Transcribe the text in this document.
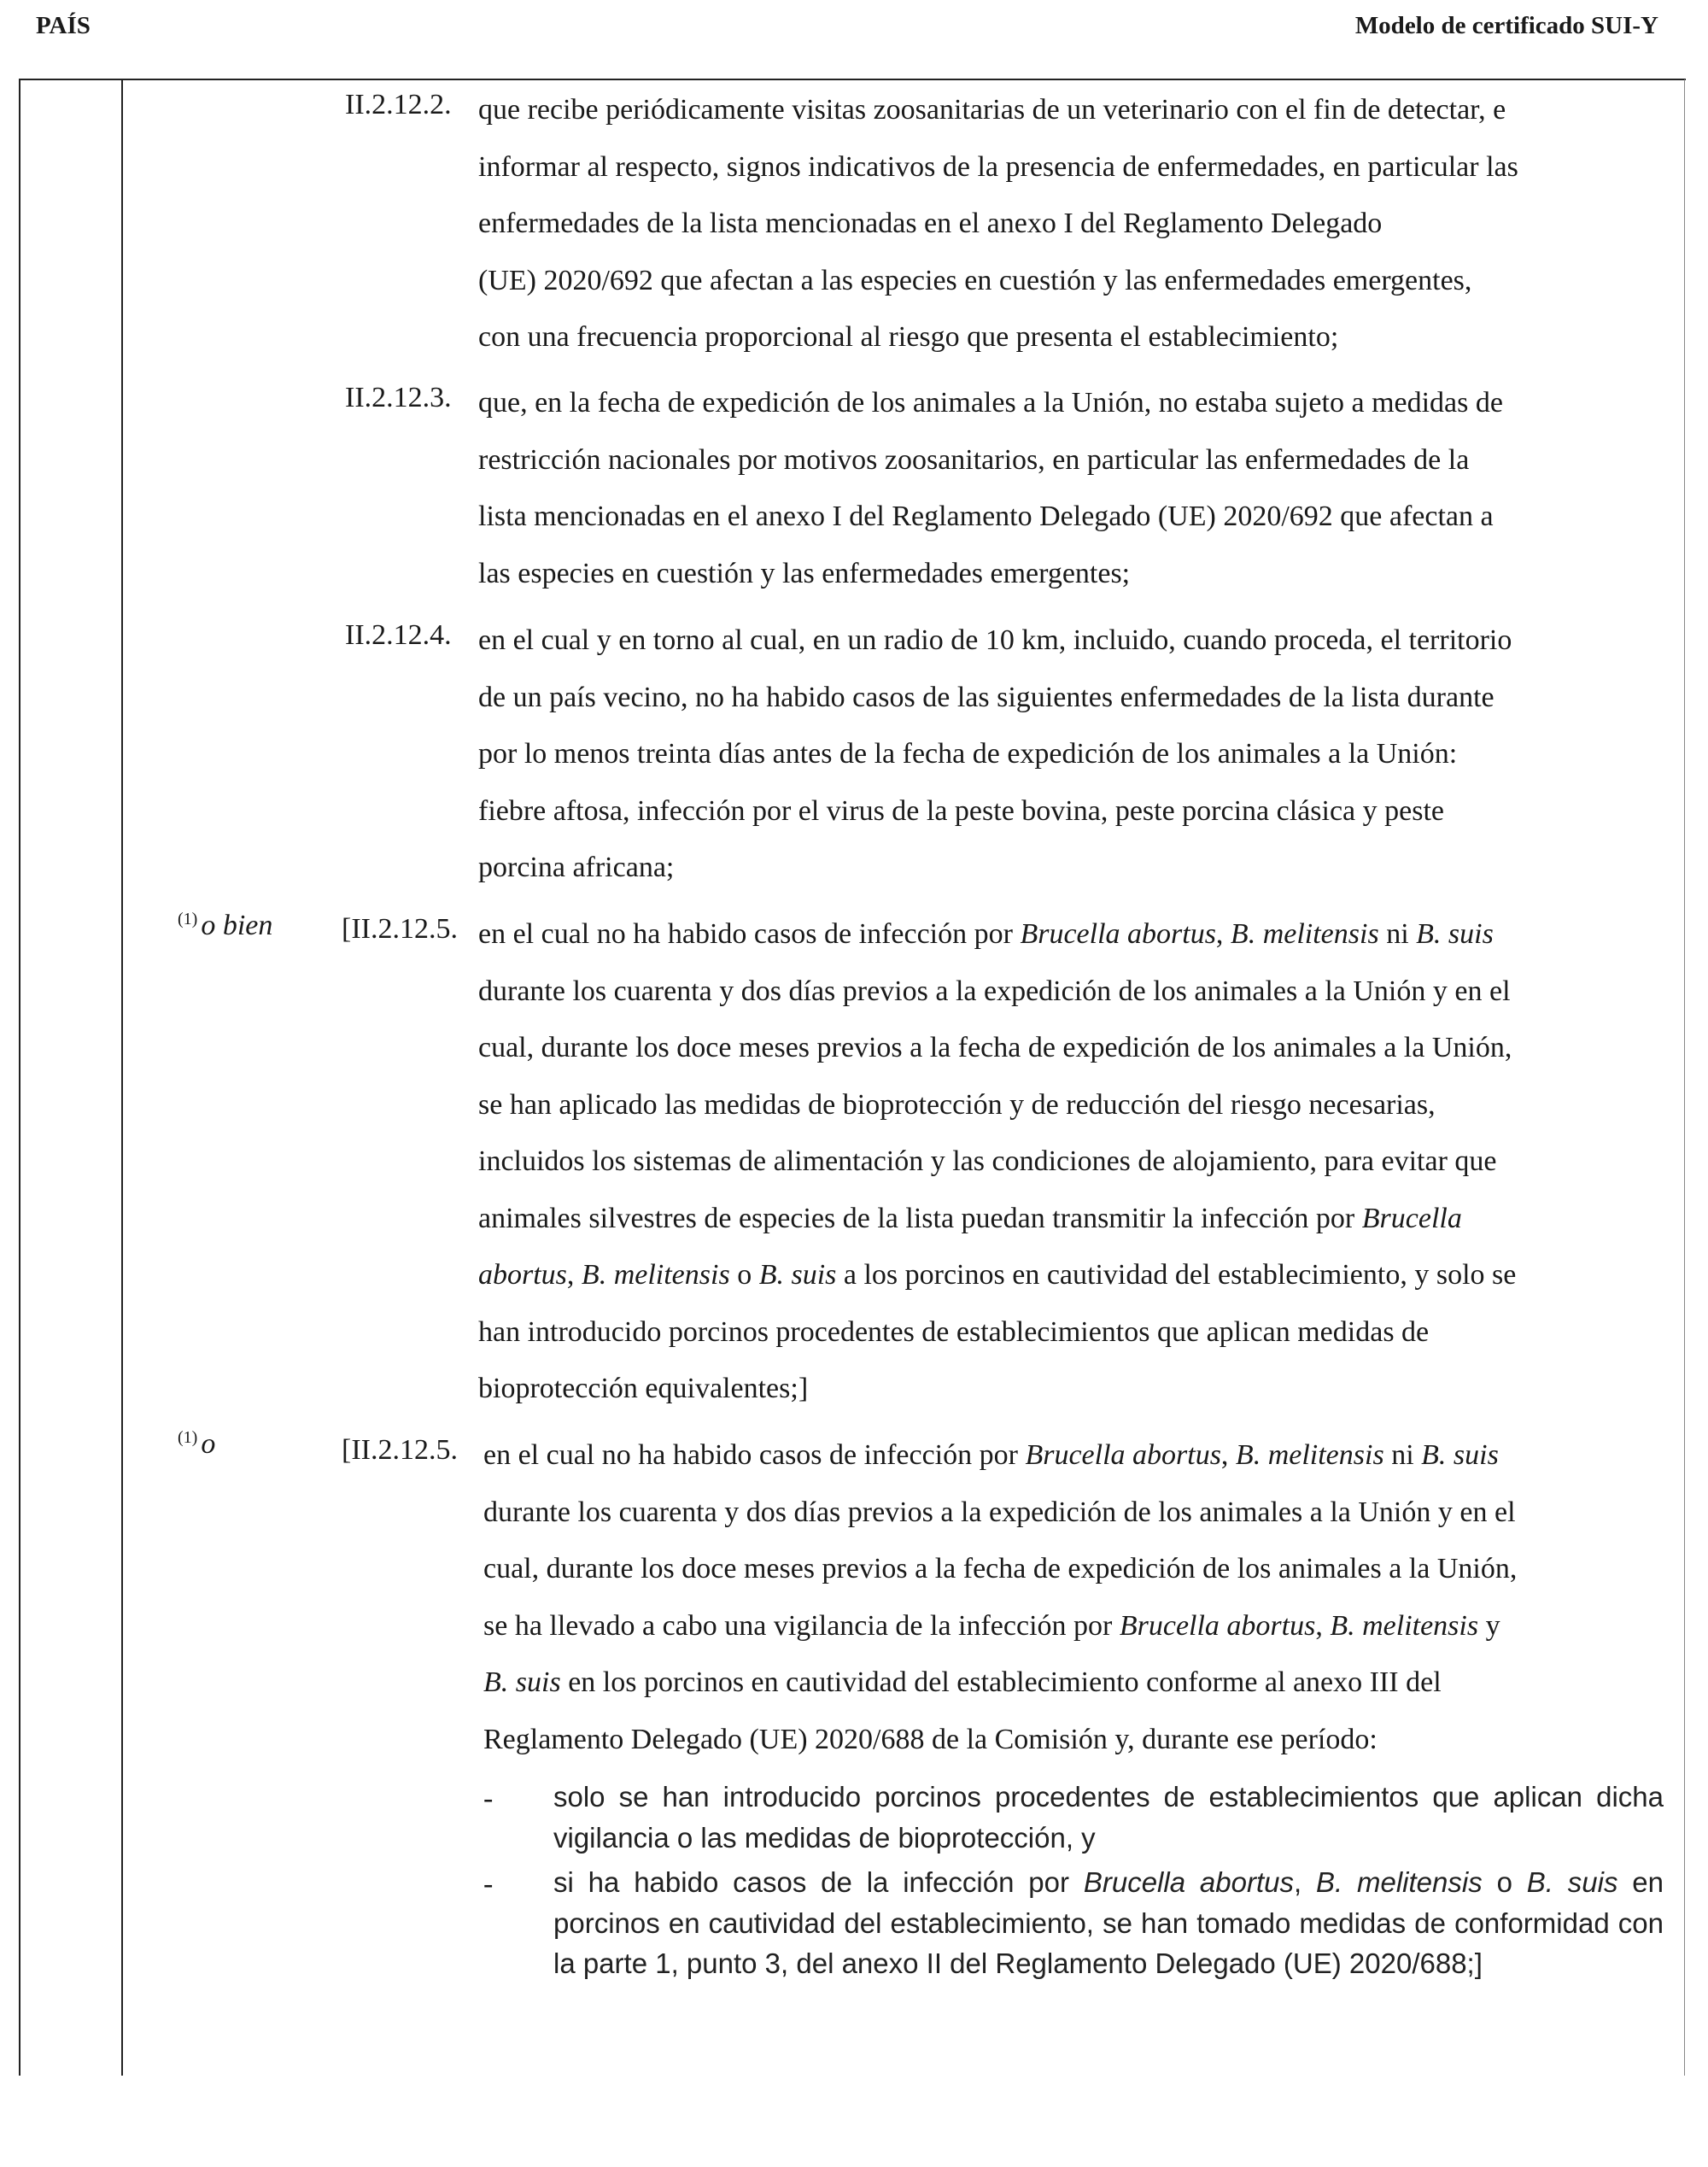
PAÍS	Modelo de certificado SUI-Y
II.2.12.2. que recibe periódicamente visitas zoosanitarias de un veterinario con el fin de detectar, e
informar al respecto, signos indicativos de la presencia de enfermedades, en particular las
enfermedades de la lista mencionadas en el anexo I del Reglamento Delegado
(UE) 2020/692 que afectan a las especies en cuestión y las enfermedades emergentes,
con una frecuencia proporcional al riesgo que presenta el establecimiento;
II.2.12.3. que, en la fecha de expedición de los animales a la Unión, no estaba sujeto a medidas de
restricción nacionales por motivos zoosanitarios, en particular las enfermedades de la
lista mencionadas en el anexo I del Reglamento Delegado (UE) 2020/692 que afectan a
las especies en cuestión y las enfermedades emergentes;
II.2.12.4. en el cual y en torno al cual, en un radio de 10 km, incluido, cuando proceda, el territorio
de un país vecino, no ha habido casos de las siguientes enfermedades de la lista durante
por lo menos treinta días antes de la fecha de expedición de los animales a la Unión:
fiebre aftosa, infección por el virus de la peste bovina, peste porcina clásica y peste
porcina africana;
$^{(1)}$ o bien [II.2.12.5. en el cual no ha habido casos de infección por Brucella abortus, B. melitensis ni B. suis
durante los cuarenta y dos días previos a la expedición de los animales a la Unión y en el
cual, durante los doce meses previos a la fecha de expedición de los animales a la Unión,
se han aplicado las medidas de bioprotección y de reducción del riesgo necesarias,
incluidos los sistemas de alimentación y las condiciones de alojamiento, para evitar que
animales silvestres de especies de la lista puedan transmitir la infección por Brucella
abortus, B. melitensis o B. suis a los porcinos en cautividad del establecimiento, y solo se
han introducido porcinos procedentes de establecimientos que aplican medidas de
bioprotección equivalentes;]
$^{(1)}$ o	[II.2.12.5. en el cual no ha habido casos de infección por Brucella abortus, B. melitensis ni B. suis
durante los cuarenta y dos días previos a la expedición de los animales a la Unión y en el
cual, durante los doce meses previos a la fecha de expedición de los animales a la Unión,
se ha llevado a cabo una vigilancia de la infección por Brucella abortus, B. melitensis y
B. suis en los porcinos en cautividad del establecimiento conforme al anexo III del
Reglamento Delegado (UE) 2020/688 de la Comisión y, durante ese período:
- solo se han introducido porcinos procedentes de establecimientos que aplican dicha vigilancia o las medidas de bioprotección, y
- si ha habido casos de la infección por Brucella abortus, B. melitensis o B. suis en porcinos en cautividad del establecimiento, se han tomado medidas de conformidad con la parte 1, punto 3, del anexo II del Reglamento Delegado (UE) 2020/688;]
